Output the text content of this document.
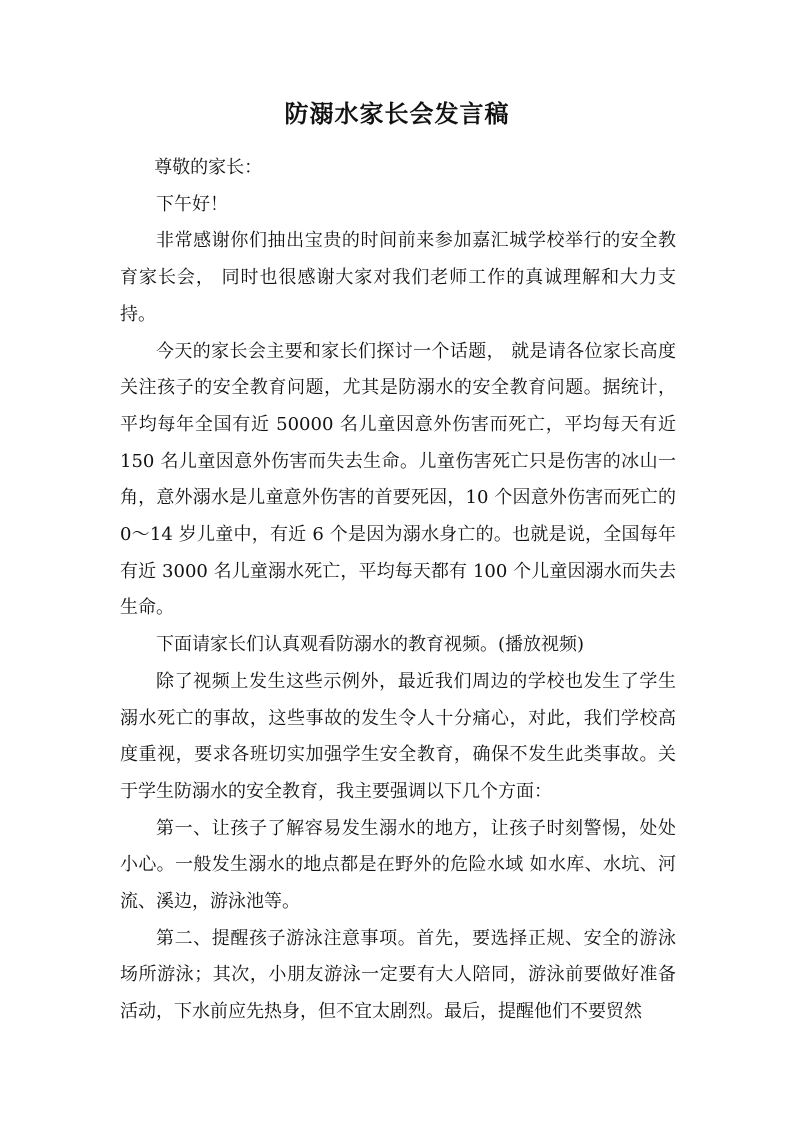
防溺水家长会发言稿

尊敬的家长：

下午好！

非常感谢你们抽出宝贵的时间前来参加嘉汇城学校举行的安全教育家长会， 同时也很感谢大家对我们老师工作的真诚理解和大力支持。

今天的家长会主要和家长们探讨一个话题， 就是请各位家长高度关注孩子的安全教育问题，尤其是防溺水的安全教育问题。据统计，平均每年全国有近 50000 名儿童因意外伤害而死亡，平均每天有近 150 名儿童因意外伤害而失去生命。儿童伤害死亡只是伤害的冰山一角，意外溺水是儿童意外伤害的首要死因，10 个因意外伤害而死亡的 0～14 岁儿童中，有近 6 个是因为溺水身亡的。也就是说，全国每年有近 3000 名儿童溺水死亡，平均每天都有 100 个儿童因溺水而失去生命。

下面请家长们认真观看防溺水的教育视频。(播放视频)

除了视频上发生这些示例外，最近我们周边的学校也发生了学生溺水死亡的事故，这些事故的发生令人十分痛心，对此，我们学校高度重视，要求各班切实加强学生安全教育，确保不发生此类事故。关于学生防溺水的安全教育，我主要强调以下几个方面：

第一、让孩子了解容易发生溺水的地方，让孩子时刻警惕，处处小心。一般发生溺水的地点都是在野外的危险水域 如水库、水坑、河流、溪边，游泳池等。

第二、提醒孩子游泳注意事项。首先，要选择正规、安全的游泳场所游泳；其次，小朋友游泳一定要有大人陪同，游泳前要做好准备活动，下水前应先热身，但不宜太剧烈。最后，提醒他们不要贸然
